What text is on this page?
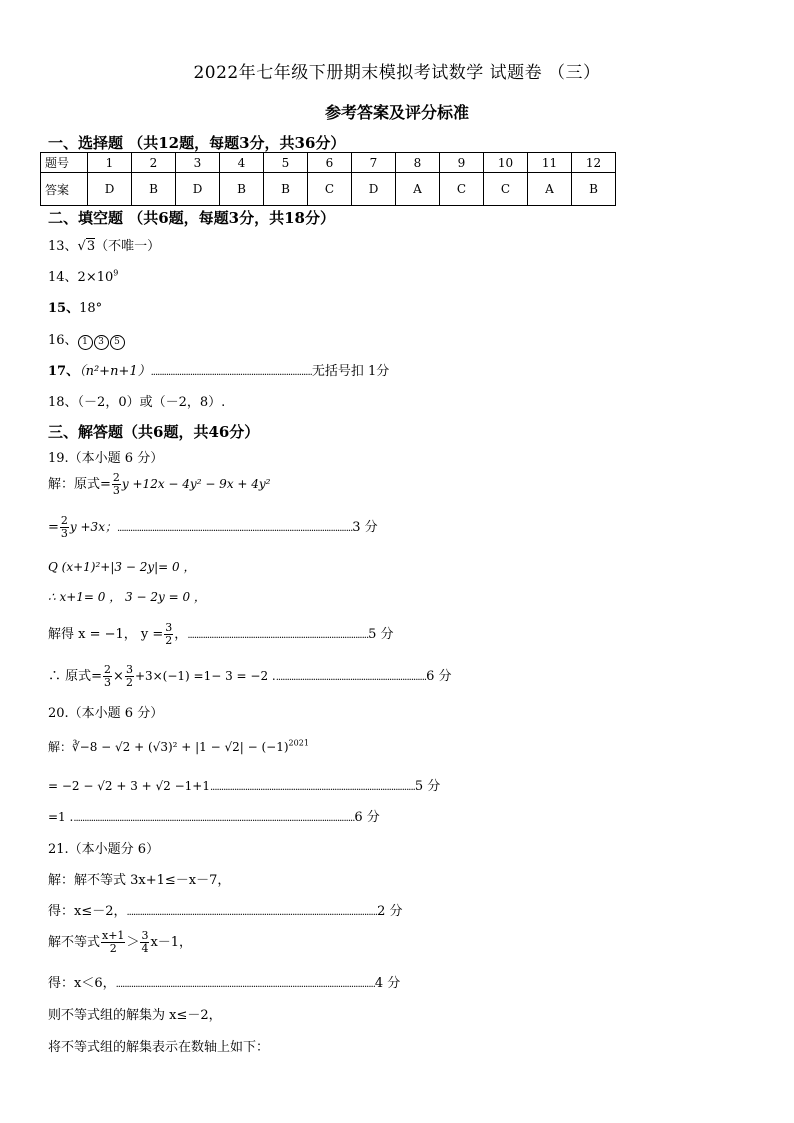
2022年七年级下册期末模拟考试数学 试题卷 （三）
参考答案及评分标准
一、选择题 （共12题，每题3分，共36分）
题号	1	2	3	4	5	6	7	8	9	10	11	12
答案	D	B	D	B	B	C	D	A	C	C	A	B
二、填空题 （共6题，每题3分，共18分）
13、√3（不唯一）
14、$2\times 10^9$
15、18°
16、 1 3 5
17、（n²+n+1）..........................................................................无括号扣 1分
18、（－2，0）或（－2，8）.
三、解答题（共6题，共46分）
19.（本小题 6 分）
解：原式= $\frac{2}{3}$ y +12x − 4y² − 9x + 4y²
= $\frac{2}{3}$ y +3x；............................................................................................................3 分
Q (x+1)²+|3 − 2y|= 0 ，
∴ x+1= 0 ， 3 − 2y = 0 ，
解得 x = −1， $y = \frac{3}{2}$ ，...................................................................................5 分
∴ 原式= $\frac{2}{3} \times \frac{3}{2} +3\times(-1) =1- 3 = -2$ ......................................................................6 分
20.（本小题 6 分）
解：∛−8 − $√2 + (√3)^2 + |1 - √2| - (-1)^{2021}$
= −2 − √2 + 3 + √2 −1+1..............................................................................................5 分
=1 ..................................................................................................................................6 分
21.（本小题分 6）
解：解不等式 3x+1≤－x－7，
得：x≤－2，...................................................................................................................2 分
解不等式 $\frac{x+1}{2} > \frac{3}{4} x-1$，
得：x＜6，.......................................................................................................................4 分
则不等式组的解集为 x≤－2，
将不等式组的解集表示在数轴上如下：
